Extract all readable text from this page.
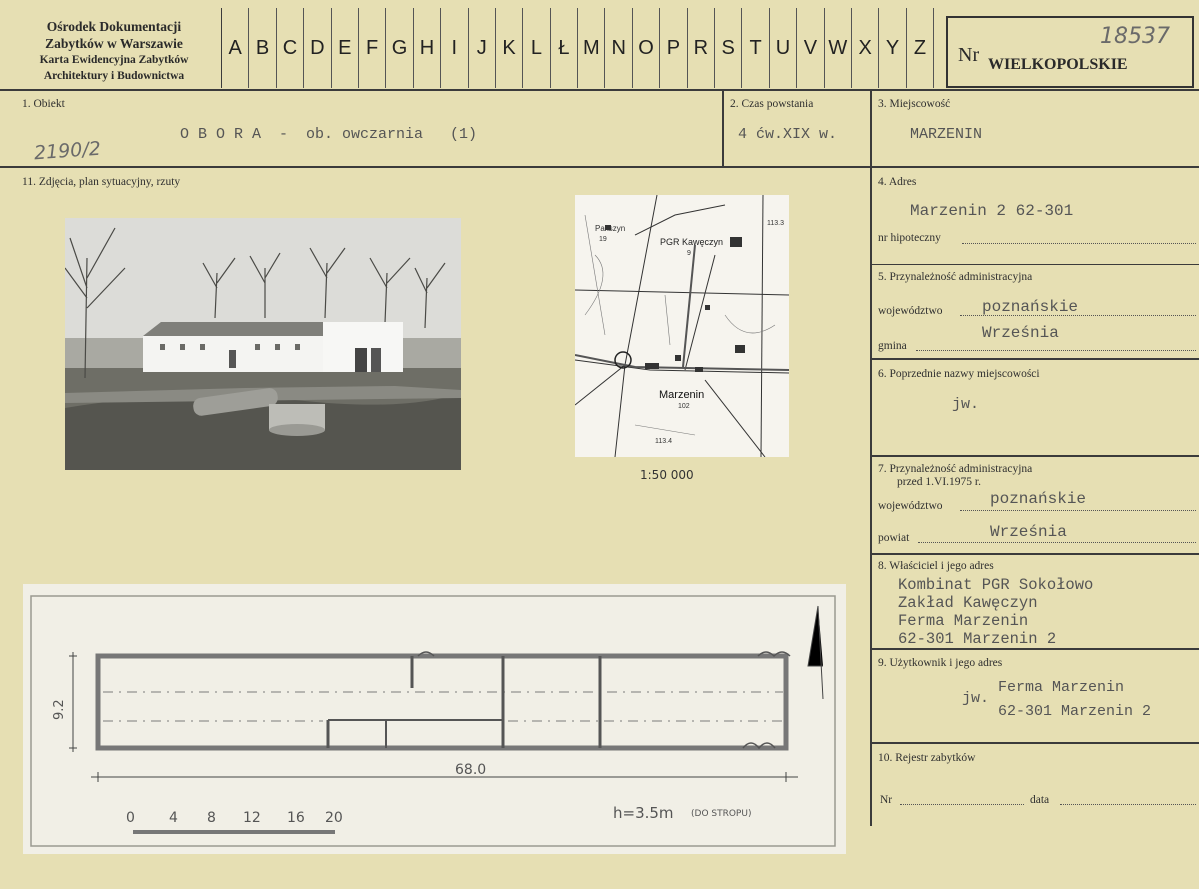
Ośrodek Dokumentacji
Zabytków w Warszawie
Karta Ewidencyjna Zabytków
Architektury i Budownictwa
A B C D E F G H I J K L Ł M N O P R S T U V W X Y Z	Nr WIELKOPOLSKIE
18537
1. Obiekt
O B O R A  -  ob. owczarnia   (1)
2190/2
2. Czas powstania
4 ćw.XIX w.
3. Miejscowość
MARZENIN
11. Zdjęcia, plan sytuacyjny, rzuty	4. Adres
Marzenin 2 62-301
nr hipoteczny
5. Przynależność administracyjna
województwo poznańskie
Września
gmina
6. Poprzednie nazwy miejscowości
jw.
7. Przynależność administracyjna
przed 1.VI.1975 r.
poznańskie
województwo
Września
powiat
8. Właściciel i jego adres
Kombinat PGR Sokołowo
Zakład Kawęczyn
Ferma Marzenin
62-301 Marzenin 2
9. Użytkownik i jego adres
jw.
Ferma Marzenin
62-301 Marzenin 2
10. Rejestr zabytków
Nr	data
Pakszyn
19	PGR Kawęczyn
9
113.3
Marzenin
102
113.4
1:50 000
9.2
68.0
0 4 8 12 16 20	h=3.5m (DO STROPU)
